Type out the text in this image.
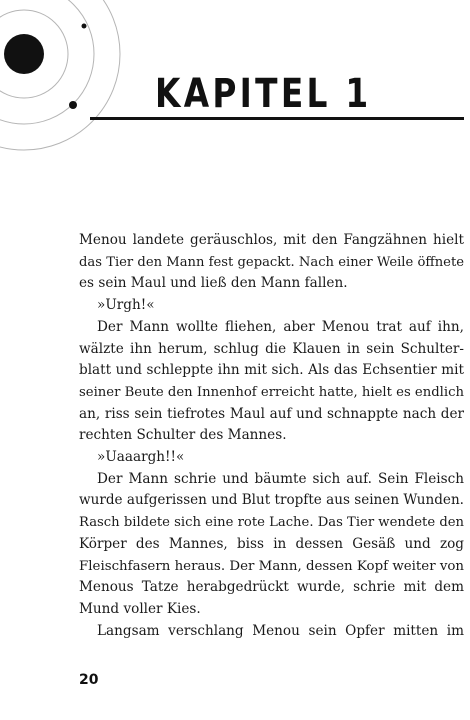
KAPITEL 1
Menou landete geräuschlos, mit den Fangzähnen hielt
das Tier den Mann fest gepackt. Nach einer Weile öffnete
es sein Maul und ließ den Mann fallen.
»Urgh!«
Der Mann wollte fliehen, aber Menou trat auf ihn,
wälzte ihn herum, schlug die Klauen in sein Schulter-
blatt und schleppte ihn mit sich. Als das Echsentier mit
seiner Beute den Innenhof erreicht hatte, hielt es endlich
an, riss sein tiefrotes Maul auf und schnappte nach der
rechten Schulter des Mannes.
»Uaaargh!!«
Der Mann schrie und bäumte sich auf. Sein Fleisch
wurde aufgerissen und Blut tropfte aus seinen Wunden.
Rasch bildete sich eine rote Lache. Das Tier wendete den
Körper des Mannes, biss in dessen Gesäß und zog
Fleischfasern heraus. Der Mann, dessen Kopf weiter von
Menous Tatze herabgedrückt wurde, schrie mit dem
Mund voller Kies.
Langsam verschlang Menou sein Opfer mitten im
20
